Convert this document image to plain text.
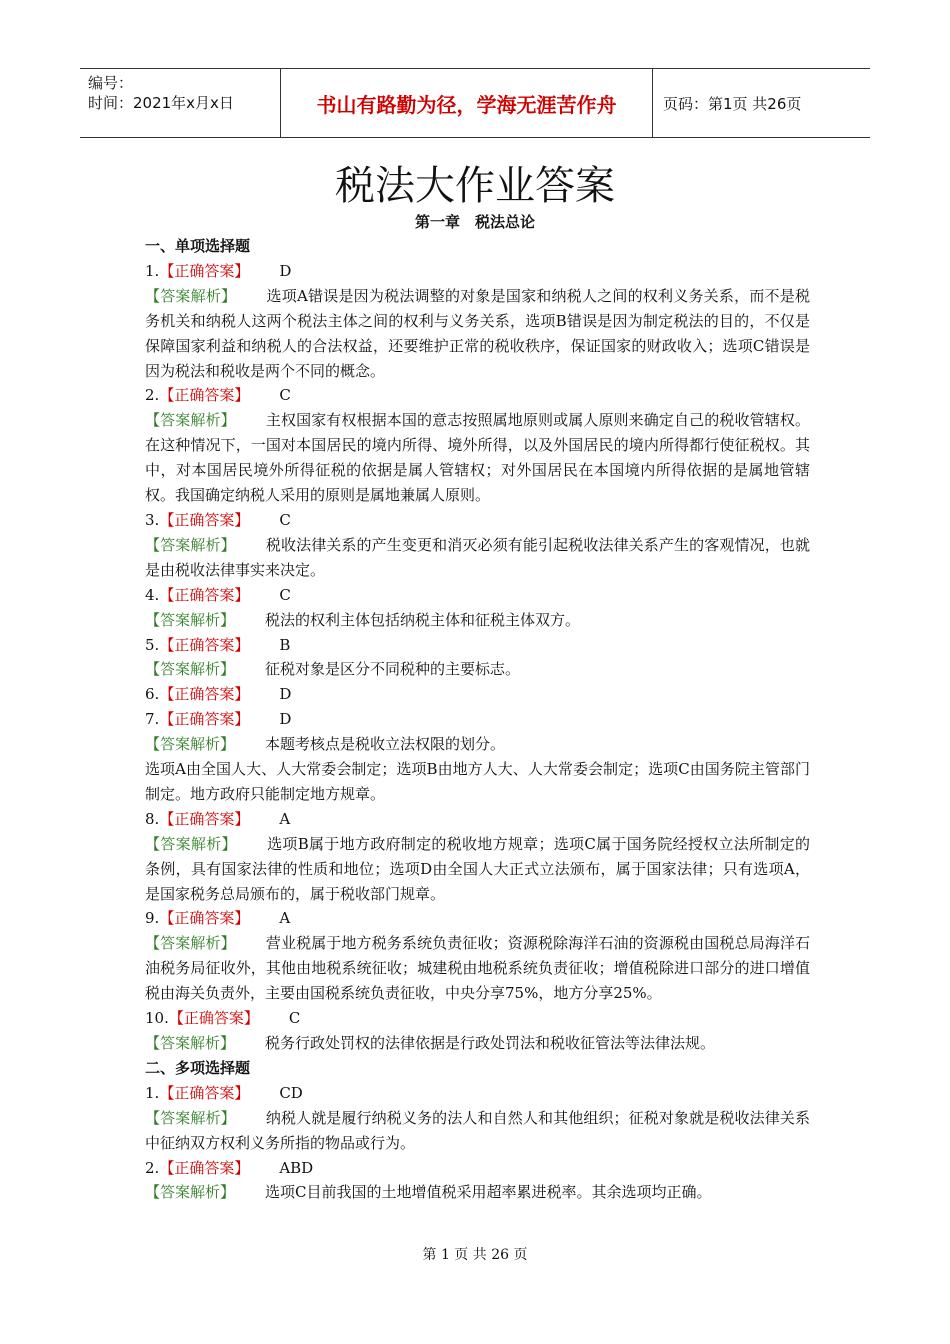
编号：
时间：2021年x月x日	书山有路勤为径，学海无涯苦作舟	页码：第1页 共26页
税法大作业答案
第一章　税法总论
一、单项选择题
1.【正确答案】 D
【答案解析】 选项A错误是因为税法调整的对象是国家和纳税人之间的权利义务关系，而不是税务机关和纳税人这两个税法主体之间的权利与义务关系，选项B错误是因为制定税法的目的，不仅是保障国家利益和纳税人的合法权益，还要维护正常的税收秩序，保证国家的财政收入；选项C错误是因为税法和税收是两个不同的概念。
2.【正确答案】 C
【答案解析】 主权国家有权根据本国的意志按照属地原则或属人原则来确定自己的税收管辖权。在这种情况下，一国对本国居民的境内所得、境外所得，以及外国居民的境内所得都行使征税权。其中，对本国居民境外所得征税的依据是属人管辖权；对外国居民在本国境内所得依据的是属地管辖权。我国确定纳税人采用的原则是属地兼属人原则。
3.【正确答案】 C
【答案解析】 税收法律关系的产生变更和消灭必须有能引起税收法律关系产生的客观情况，也就是由税收法律事实来决定。
4.【正确答案】 C
【答案解析】 税法的权利主体包括纳税主体和征税主体双方。
5.【正确答案】 B
【答案解析】 征税对象是区分不同税种的主要标志。
6.【正确答案】 D
7.【正确答案】 D
【答案解析】 本题考核点是税收立法权限的划分。
选项A由全国人大、人大常委会制定；选项B由地方人大、人大常委会制定；选项C由国务院主管部门制定。地方政府只能制定地方规章。
8.【正确答案】 A
【答案解析】 选项B属于地方政府制定的税收地方规章；选项C属于国务院经授权立法所制定的条例，具有国家法律的性质和地位；选项D由全国人大正式立法颁布，属于国家法律；只有选项A，是国家税务总局颁布的，属于税收部门规章。
9.【正确答案】 A
【答案解析】 营业税属于地方税务系统负责征收；资源税除海洋石油的资源税由国税总局海洋石油税务局征收外，其他由地税系统征收；城建税由地税系统负责征收；增值税除进口部分的进口增值税由海关负责外，主要由国税系统负责征收，中央分享75%，地方分享25%。
10.【正确答案】 C
【答案解析】 税务行政处罚权的法律依据是行政处罚法和税收征管法等法律法规。
二、多项选择题
1.【正确答案】 CD
【答案解析】 纳税人就是履行纳税义务的法人和自然人和其他组织；征税对象就是税收法律关系中征纳双方权利义务所指的物品或行为。
2.【正确答案】 ABD
【答案解析】 选项C目前我国的土地增值税采用超率累进税率。其余选项均正确。
第 1 页 共 26 页
